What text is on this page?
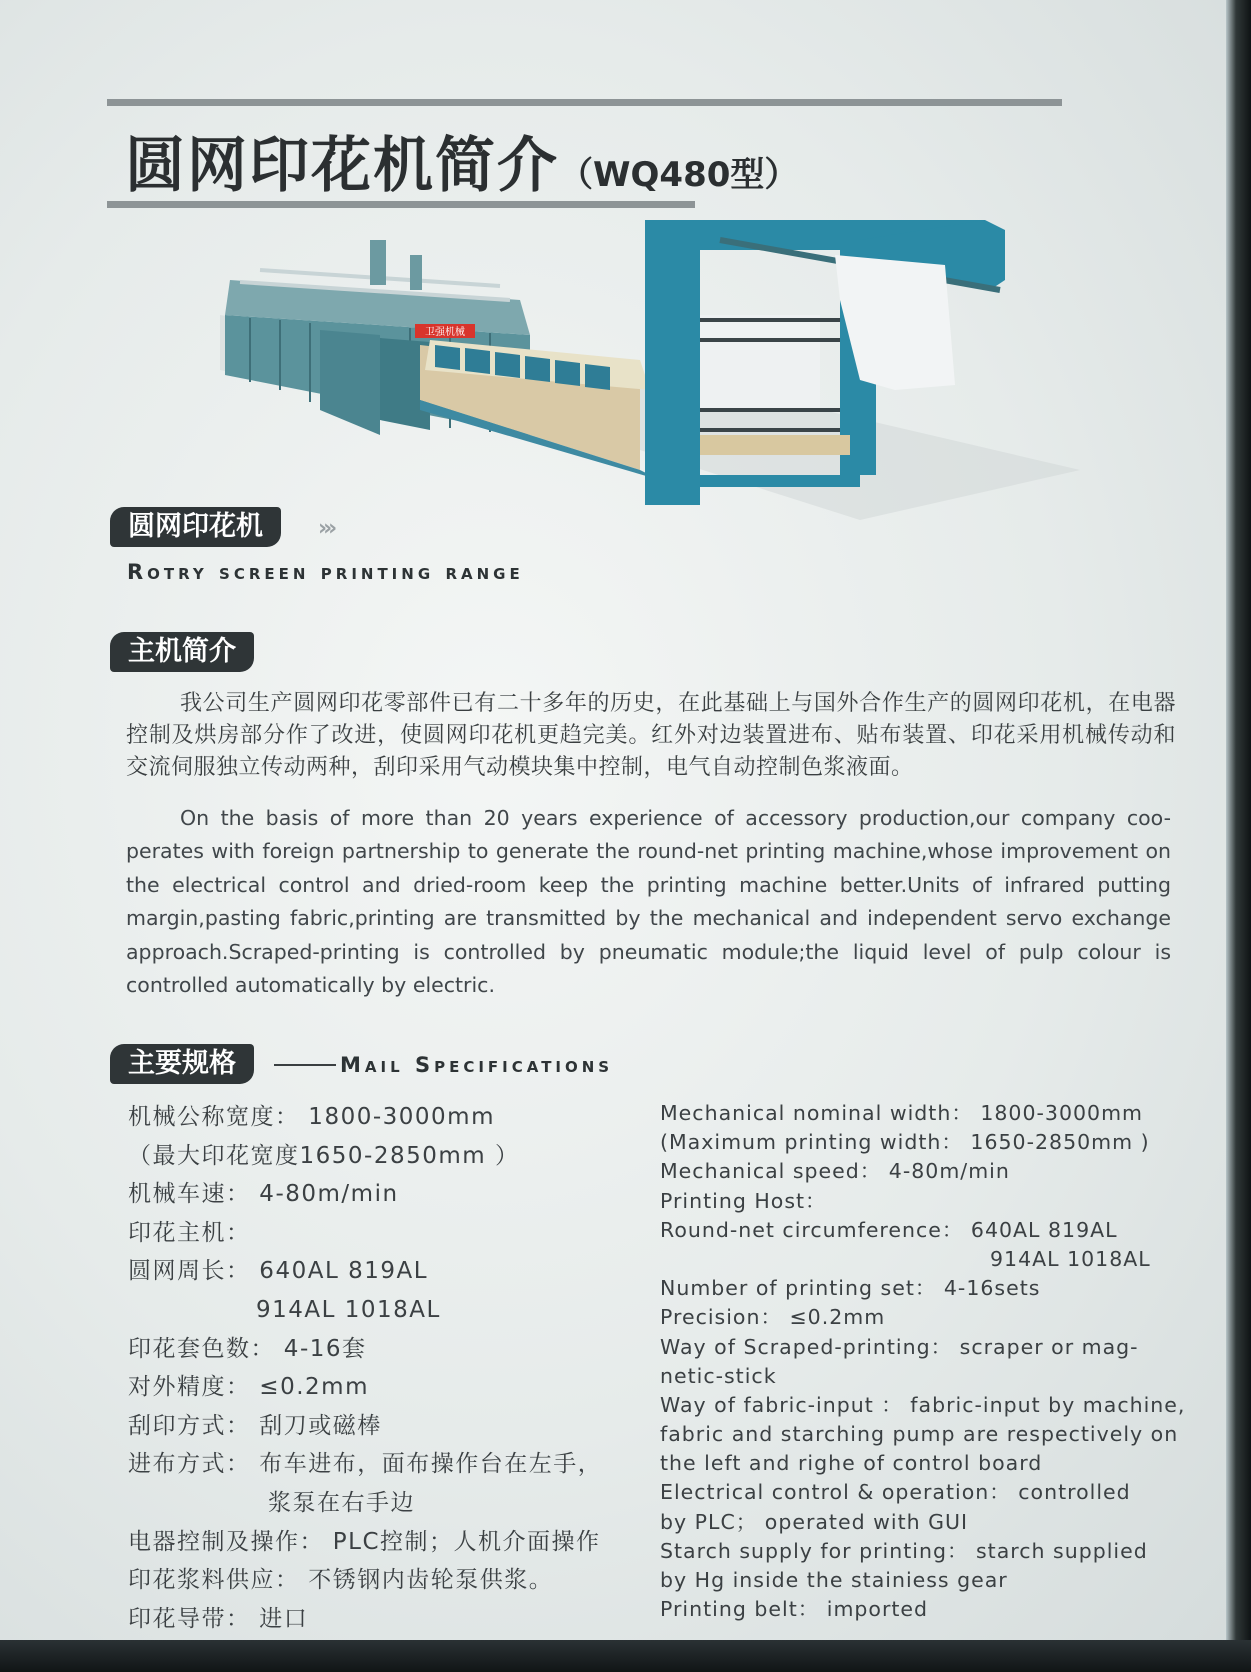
圆网印花机简介（WQ480型）
卫强机械
圆网印花机	›››
Rotry screen printing range
主机简介
我公司生产圆网印花零部件已有二十多年的历史，在此基础上与国外合作生产的圆网印花机，在电器控制及烘房部分作了改进，使圆网印花机更趋完美。红外对边装置进布、贴布装置、印花采用机械传动和交流伺服独立传动两种，刮印采用气动模块集中控制，电气自动控制色浆液面。
On the basis of more than 20 years experience of accessory production,our company coo-perates with foreign partnership to generate the round-net printing machine,whose improvement on the electrical control and dried-room keep the printing machine better.Units of infrared putting margin,pasting fabric,printing are transmitted by the mechanical and independent servo exchange approach.Scraped-printing is controlled by pneumatic module;the liquid level of pulp colour is controlled automatically by electric.
主要规格	Mail Specifications
机械公称宽度： 1800-3000mm
（最大印花宽度1650-2850mm ）
机械车速： 4-80m/min
印花主机：
圆网周长： 640AL 819AL
914AL 1018AL
印花套色数： 4-16套
对外精度： ≤0.2mm
刮印方式： 刮刀或磁棒
进布方式： 布车进布，面布操作台在左手，
浆泵在右手边
电器控制及操作： PLC控制；人机介面操作
印花浆料供应： 不锈钢内齿轮泵供浆。
印花导带： 进口
Mechanical nominal width： 1800-3000mm
(Maximum printing width： 1650-2850mm )
Mechanical speed： 4-80m/min
Printing Host：
Round-net circumference： 640AL 819AL
914AL 1018AL
Number of printing set： 4-16sets
Precision： ≤0.2mm
Way of Scraped-printing： scraper or mag-
netic-stick
Way of fabric-input ： fabric-input by machine,
fabric and starching pump are respectively on
the left and righe of control board
Electrical control & operation： controlled
by PLC； operated with GUI
Starch supply for printing： starch supplied
by Hg inside the stainiess gear
Printing belt： imported
